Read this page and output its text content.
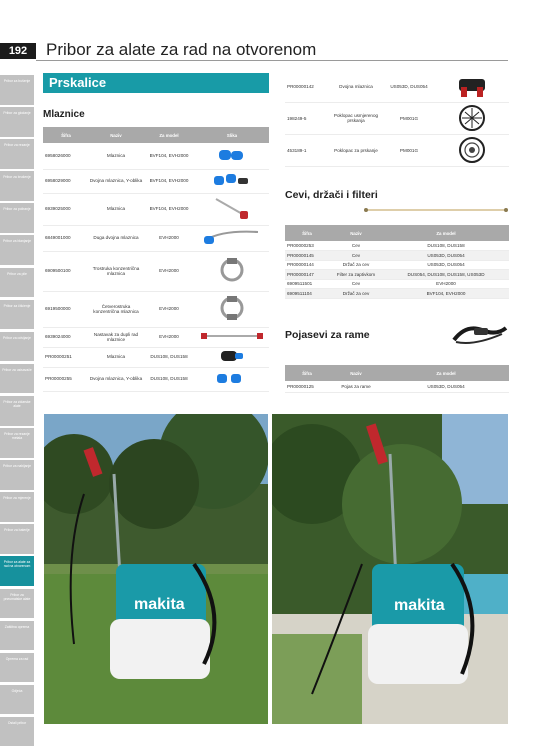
192	Pribor za alate za rad na otvorenom
Pribor za bušenje
Pribor za glodanje
Pribor za rezanje
Pribor za brušenje
Pribor za poliranje
Pribor za blanjanje
Pribor za pile
Pribor za čišćenje
Pribor za odvijanje
Pribor za usisavače
Pribor za zidarske alate
Pribor za rezanje metala
Pribor za nabijanje
Pribor za mjerenje
Pribor za baterije
Pribor za alate za rad na otvorenom
Pribor za pneumatske alate
Zaštitna oprema
Oprema za rad
Odjeća
Ostali pribor
Prskalice
Mlaznice
Šifra	Naziv	Za model	Slika
6958026000	Mlaznica	BVF104, EVH2000	
6958029000	Dvojna mlaznica, Y-oblika	BVF104, EVH2000	
6939025000	Mlaznica	BVF104, EVH2000	
6849001000	Duga dvojna mlaznica	EVH2000	
6909500100	Trostruka konzentrična mlaznica	EVH2000	
6919500000	Četverostruka konzentrična mlaznica	EVH2000	
6939024000	Nastavak za dupli rad mlaznice	EVH2000	
PR00000251	Mlaznica	DUS108, DUS158	
PR00000255	Dvojna mlaznica, Y-oblika	DUS108, DUS158	
PR00000142	Dvojna mlaznica	US053D, DUS054	
198249-5	Poklopac usmjerenog prskanja	PM001G	
453189-1	Poklopac za prskanje	PM001G	
Cevi, držači i filteri
Šifra	Naziv	Za model
PR00000253	Cev	DUS108, DUS158
PR00000145	Cev	US053D, DUS054
PR00000144	Držač za cev	US053D, DUS054
PR00000147	Filter za zaptivkom	DUS054, DUS108, DUS158, US053D
6909511501	Cev	EVH2000
6909511104	Držač za cev	BVF104, EVH2000
Pojasevi za rame
Šifra	Naziv	Za model
PR00000125	Pojas za rame	US053D, DUS054
makita	makita
